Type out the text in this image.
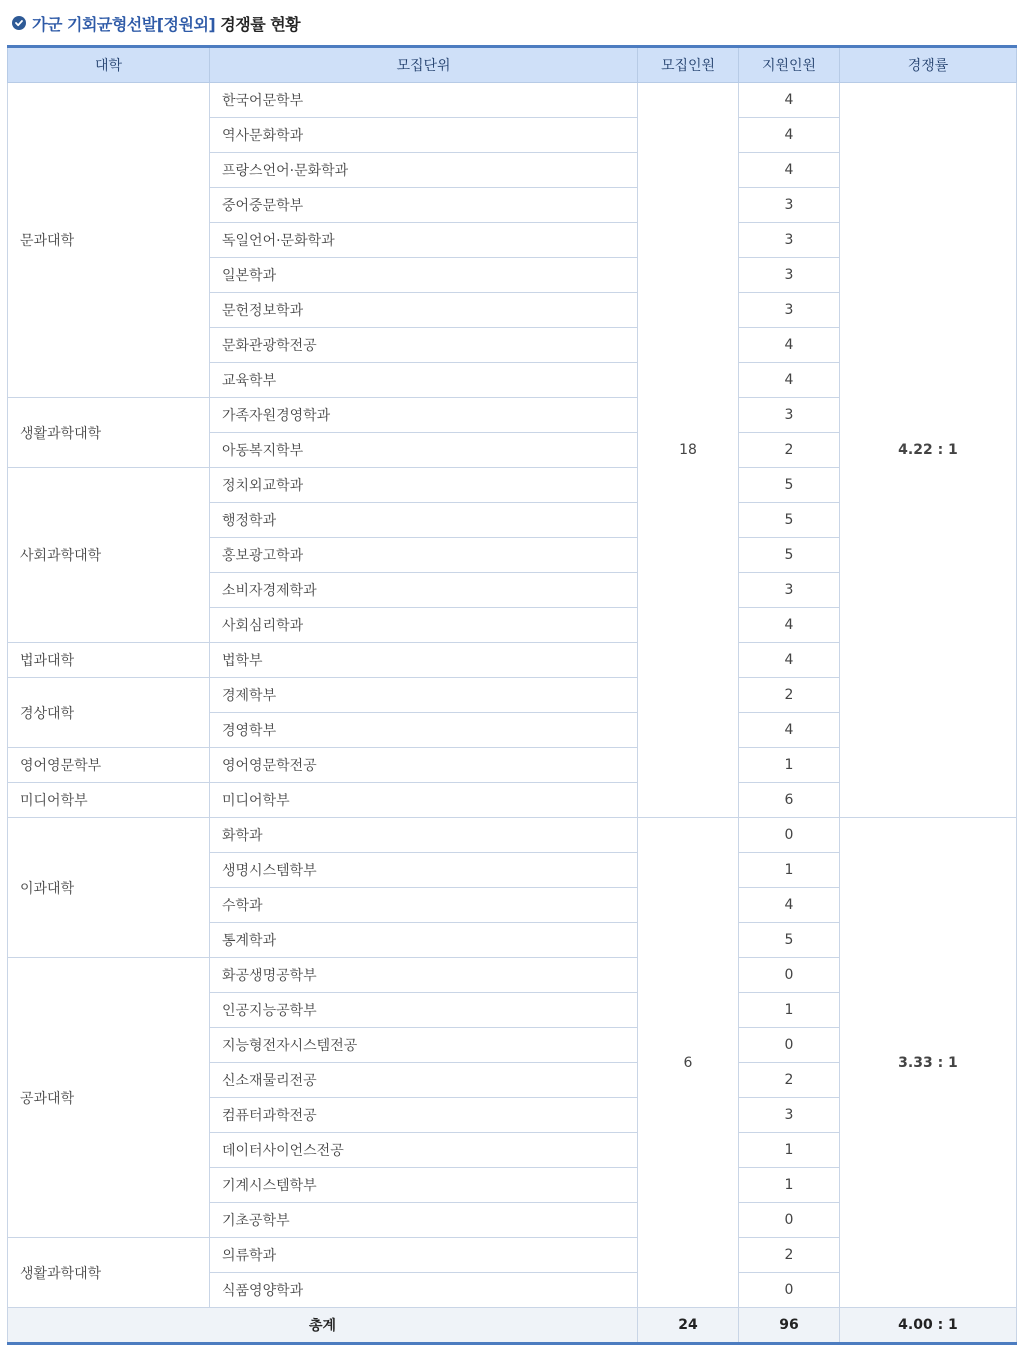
가군 기회균형선발[정원외] 경쟁률 현황
대학	모집단위	모집인원	지원인원	경쟁률
문과대학	한국어문학부	18	4	4.22 : 1
	역사문화학과		4	
	프랑스언어·문화학과		4	
	중어중문학부		3	
	독일언어·문화학과		3	
	일본학과		3	
	문헌정보학과		3	
	문화관광학전공		4	
	교육학부		4	
생활과학대학	가족자원경영학과		3	
	아동복지학부		2	
사회과학대학	정치외교학과		5	
	행정학과		5	
	홍보광고학과		5	
	소비자경제학과		3	
	사회심리학과		4	
법과대학	법학부		4	
경상대학	경제학부		2	
	경영학부		4	
영어영문학부	영어영문학전공		1	
미디어학부	미디어학부		6	
이과대학	화학과	6	0	3.33 : 1
	생명시스템학부		1	
	수학과		4	
	통계학과		5	
공과대학	화공생명공학부		0	
	인공지능공학부		1	
	지능형전자시스템전공		0	
	신소재물리전공		2	
	컴퓨터과학전공		3	
	데이터사이언스전공		1	
	기계시스템학부		1	
	기초공학부		0	
생활과학대학	의류학과		2	
	식품영양학과		0	
총계		24	96	4.00 : 1
